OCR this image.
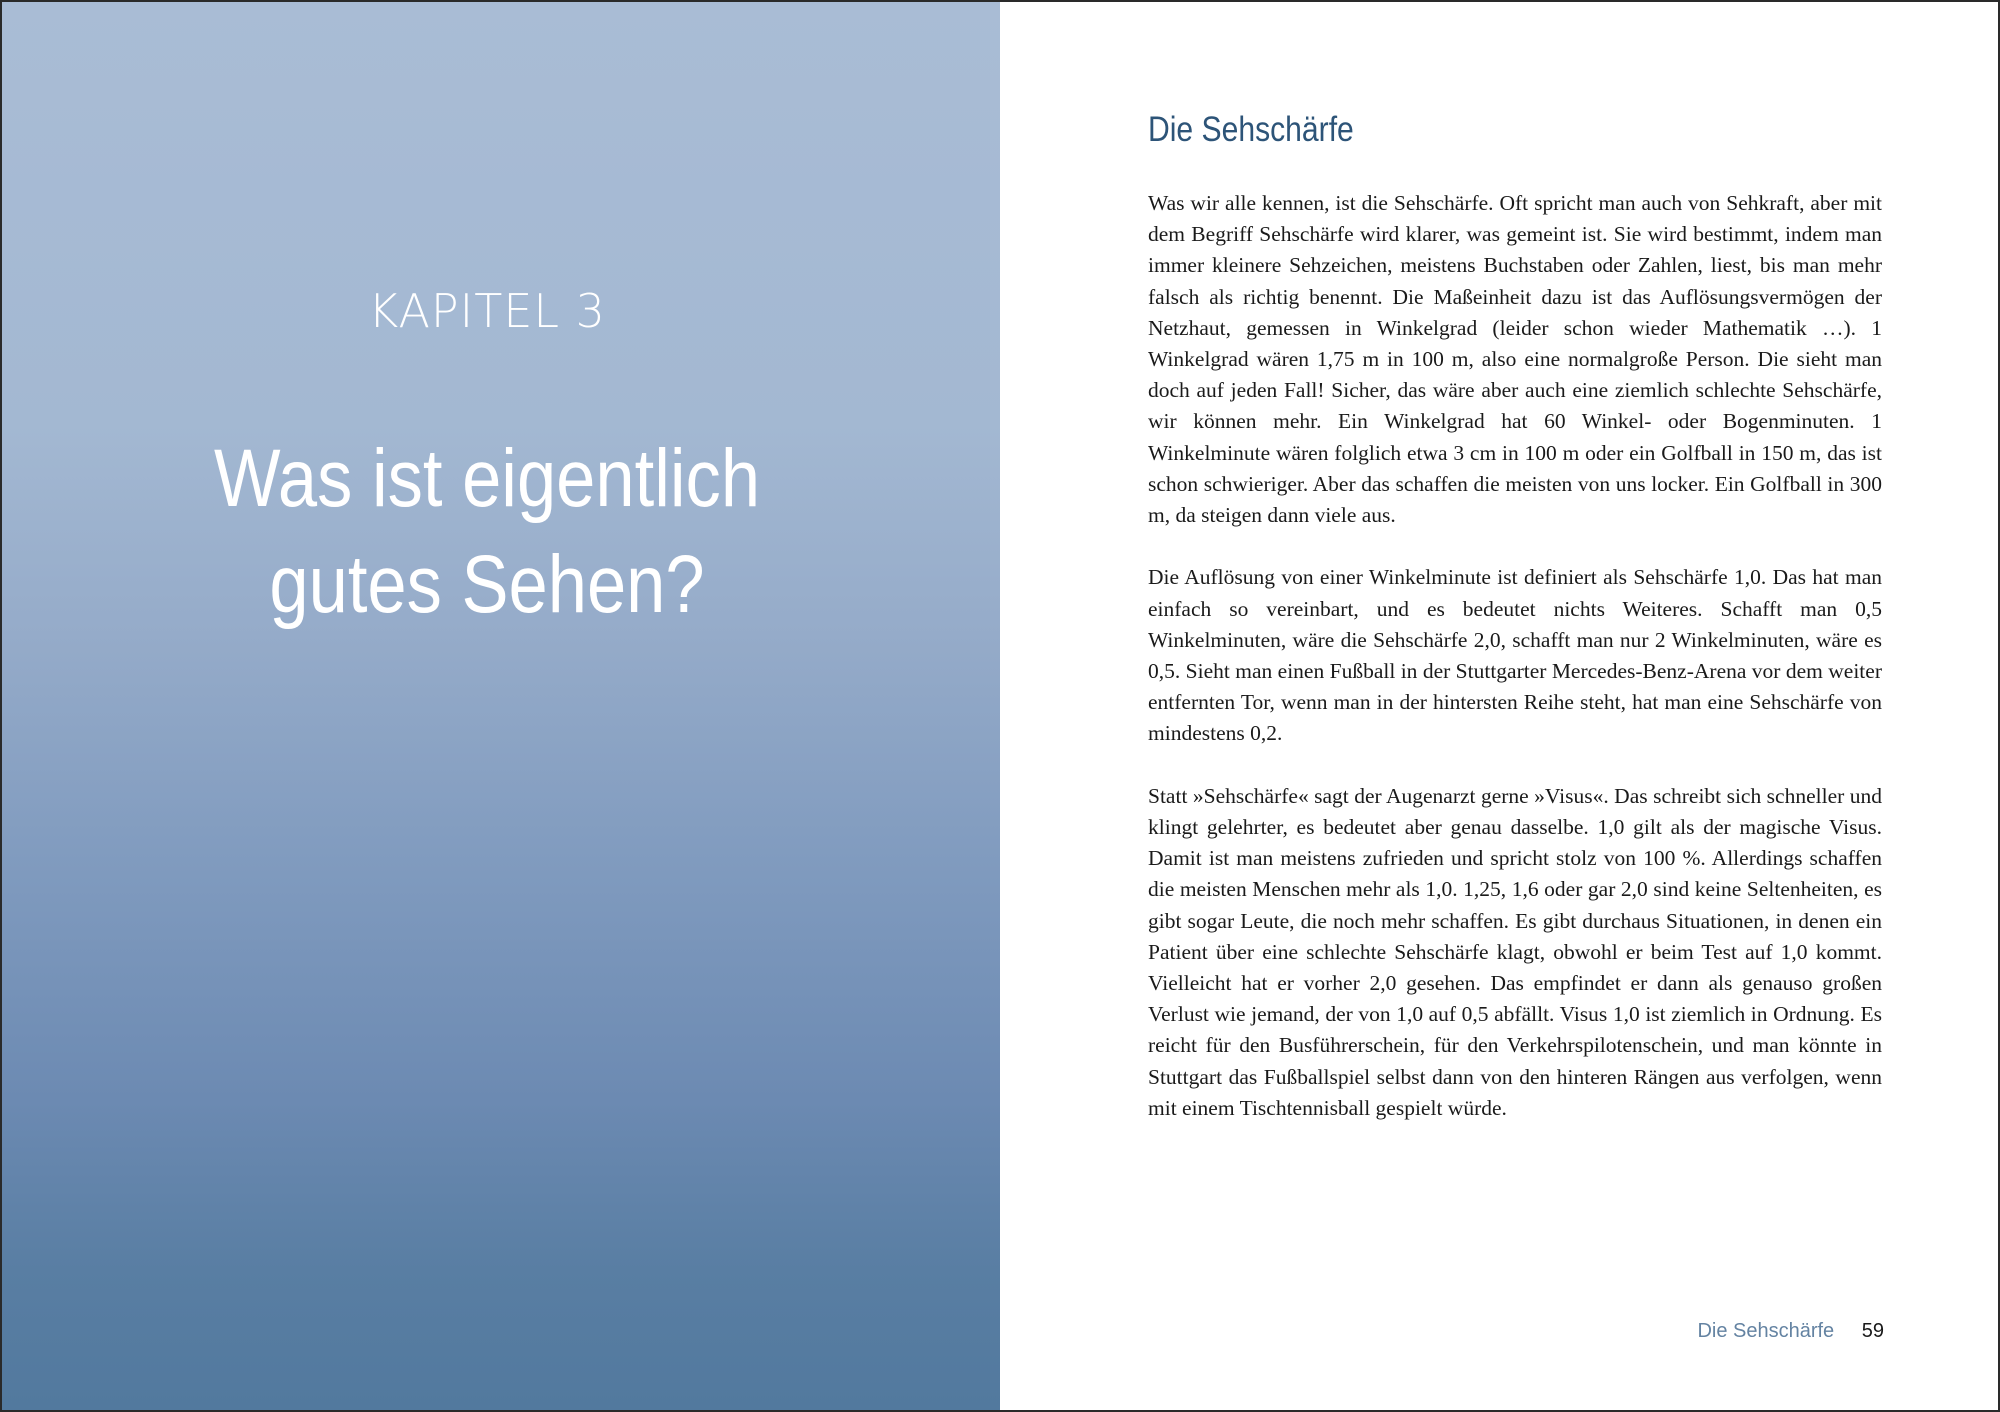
KAPITEL 3
Was ist eigentlich
gutes Sehen?
Die Sehschärfe

Was wir alle kennen, ist die Sehschärfe. Oft spricht man auch von Sehkraft, aber mit dem Begriff Sehschärfe wird klarer, was gemeint ist. Sie wird bestimmt, indem man immer kleinere Sehzeichen, meistens Buchstaben oder Zahlen, liest, bis man mehr falsch als richtig benennt. Die Maßeinheit dazu ist das Auflösungsvermögen der Netzhaut, gemessen in Winkelgrad (leider schon wieder Mathematik …). 1 Winkelgrad wären 1,75 m in 100 m, also eine normalgroße Person. Die sieht man doch auf jeden Fall! Sicher, das wäre aber auch eine ziemlich schlechte Sehschärfe, wir können mehr. Ein Winkelgrad hat 60 Winkel- oder Bogenminuten. 1 Winkelminute wären folglich etwa 3 cm in 100 m oder ein Golfball in 150 m, das ist schon schwieriger. Aber das schaffen die meisten von uns locker. Ein Golfball in 300 m, da steigen dann viele aus.

Die Auflösung von einer Winkelminute ist definiert als Sehschärfe 1,0. Das hat man einfach so vereinbart, und es bedeutet nichts Weiteres. Schafft man 0,5 Winkelminuten, wäre die Sehschärfe 2,0, schafft man nur 2 Winkelminuten, wäre es 0,5. Sieht man einen Fußball in der Stuttgarter Mercedes-Benz-Arena vor dem weiter entfernten Tor, wenn man in der hintersten Reihe steht, hat man eine Sehschärfe von mindestens 0,2.

Statt »Sehschärfe« sagt der Augenarzt gerne »Visus«. Das schreibt sich schneller und klingt gelehrter, es bedeutet aber genau dasselbe. 1,0 gilt als der magische Visus. Damit ist man meistens zufrieden und spricht stolz von 100 %. Allerdings schaffen die meisten Menschen mehr als 1,0. 1,25, 1,6 oder gar 2,0 sind keine Seltenheiten, es gibt sogar Leute, die noch mehr schaffen. Es gibt durchaus Situationen, in denen ein Patient über eine schlechte Sehschärfe klagt, obwohl er beim Test auf 1,0 kommt. Vielleicht hat er vorher 2,0 gesehen. Das empfindet er dann als genauso großen Verlust wie jemand, der von 1,0 auf 0,5 abfällt. Visus 1,0 ist ziemlich in Ordnung. Es reicht für den Busführerschein, für den Verkehrspilotenschein, und man könnte in Stuttgart das Fußballspiel selbst dann von den hinteren Rängen aus verfolgen, wenn mit einem Tischtennisball gespielt würde.

Die Sehschärfe 59
